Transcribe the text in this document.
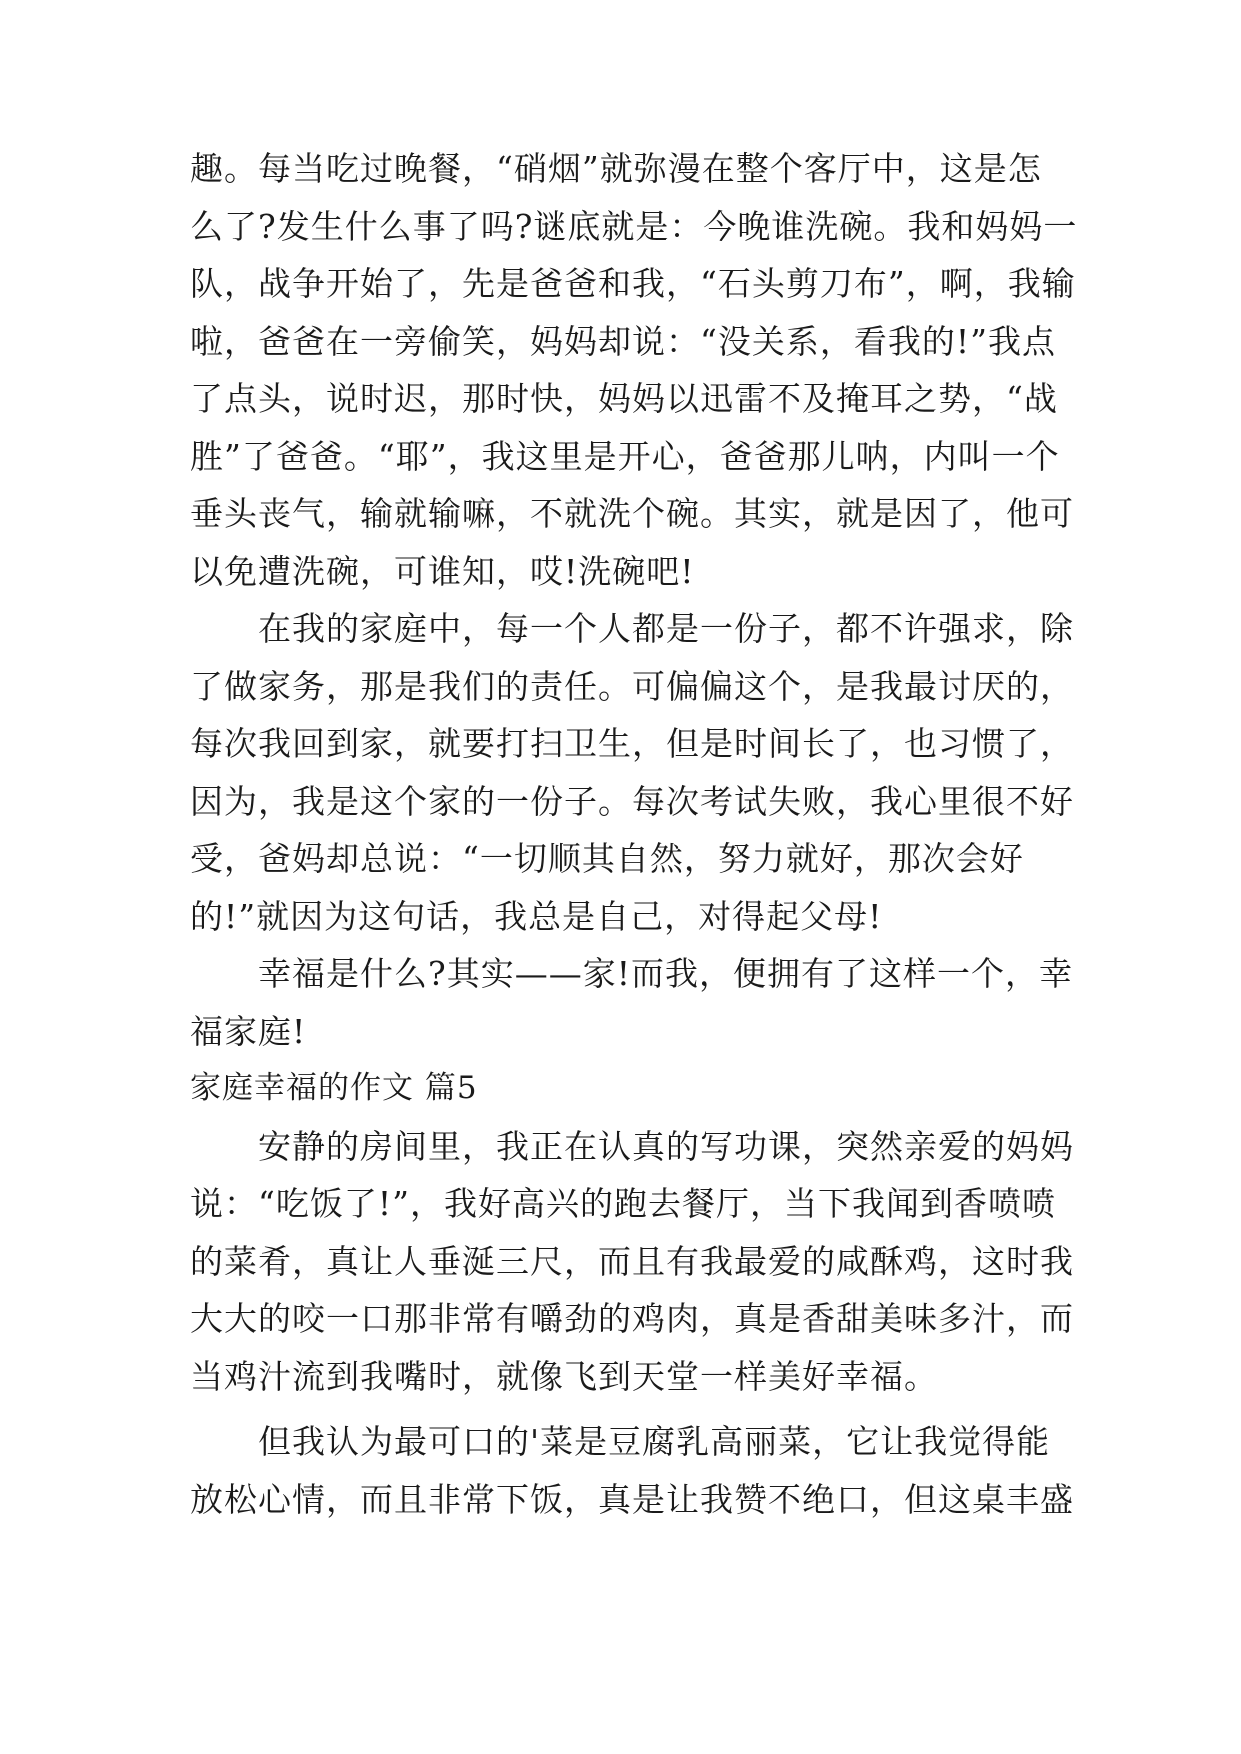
趣。每当吃过晚餐，“硝烟”就弥漫在整个客厅中，这是怎
么了?发生什么事了吗?谜底就是：今晚谁洗碗。我和妈妈一
队，战争开始了，先是爸爸和我，“石头剪刀布”，啊，我输
啦，爸爸在一旁偷笑，妈妈却说：“没关系，看我的!”我点
了点头，说时迟，那时快，妈妈以迅雷不及掩耳之势，“战
胜”了爸爸。“耶”，我这里是开心，爸爸那儿呐，内叫一个
垂头丧气，输就输嘛，不就洗个碗。其实，就是因了，他可
以免遭洗碗，可谁知，哎!洗碗吧!
在我的家庭中，每一个人都是一份子，都不许强求，除
了做家务，那是我们的责任。可偏偏这个，是我最讨厌的，
每次我回到家，就要打扫卫生，但是时间长了，也习惯了，
因为，我是这个家的一份子。每次考试失败，我心里很不好
受，爸妈却总说：“一切顺其自然，努力就好，那次会好
的!”就因为这句话，我总是自己，对得起父母!
幸福是什么?其实——家!而我，便拥有了这样一个，幸
福家庭!
家庭幸福的作文 篇5
安静的房间里，我正在认真的写功课，突然亲爱的妈妈
说：“吃饭了!”，我好高兴的跑去餐厅，当下我闻到香喷喷
的菜肴，真让人垂涎三尺，而且有我最爱的咸酥鸡，这时我
大大的咬一口那非常有嚼劲的鸡肉，真是香甜美味多汁，而
当鸡汁流到我嘴时，就像飞到天堂一样美好幸福。
但我认为最可口的'菜是豆腐乳高丽菜，它让我觉得能
放松心情，而且非常下饭，真是让我赞不绝口，但这桌丰盛
